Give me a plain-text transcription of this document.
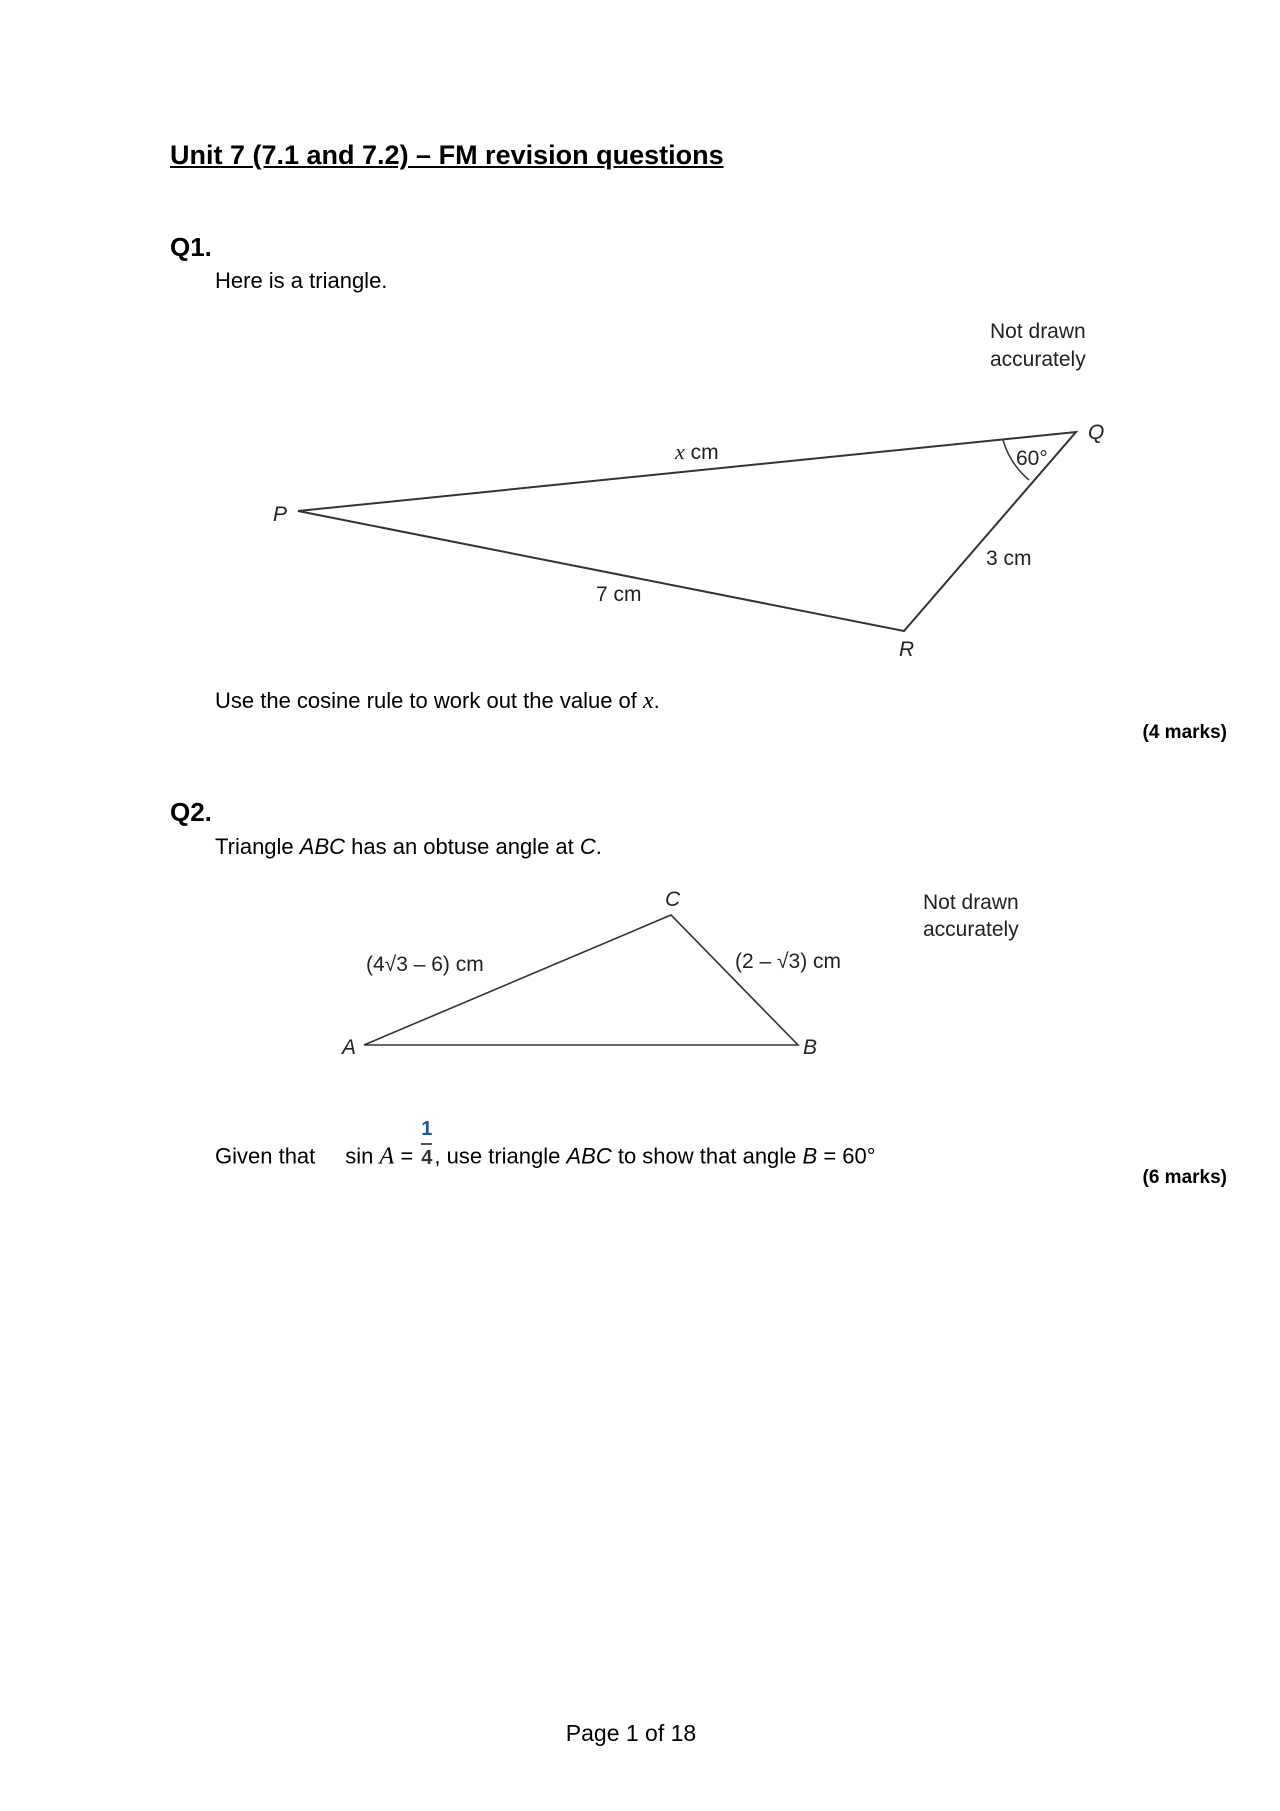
Unit 7 (7.1 and 7.2) – FM revision questions
Q1.
Here is a triangle.
Not drawn
accurately
60°
P
Q
R
x cm
7 cm
3 cm
Not drawn
accurately
A	B
C
(4√3 – 6) cm	(2 – √3) cm
Use the cosine rule to work out the value of x.
(4 marks)
Q2.
Triangle ABC has an obtuse angle at C.
Given that $\sin A = \frac{1}{4}$ , use triangle ABC to show that angle B = 60°
(6 marks)
Page 1 of 18
